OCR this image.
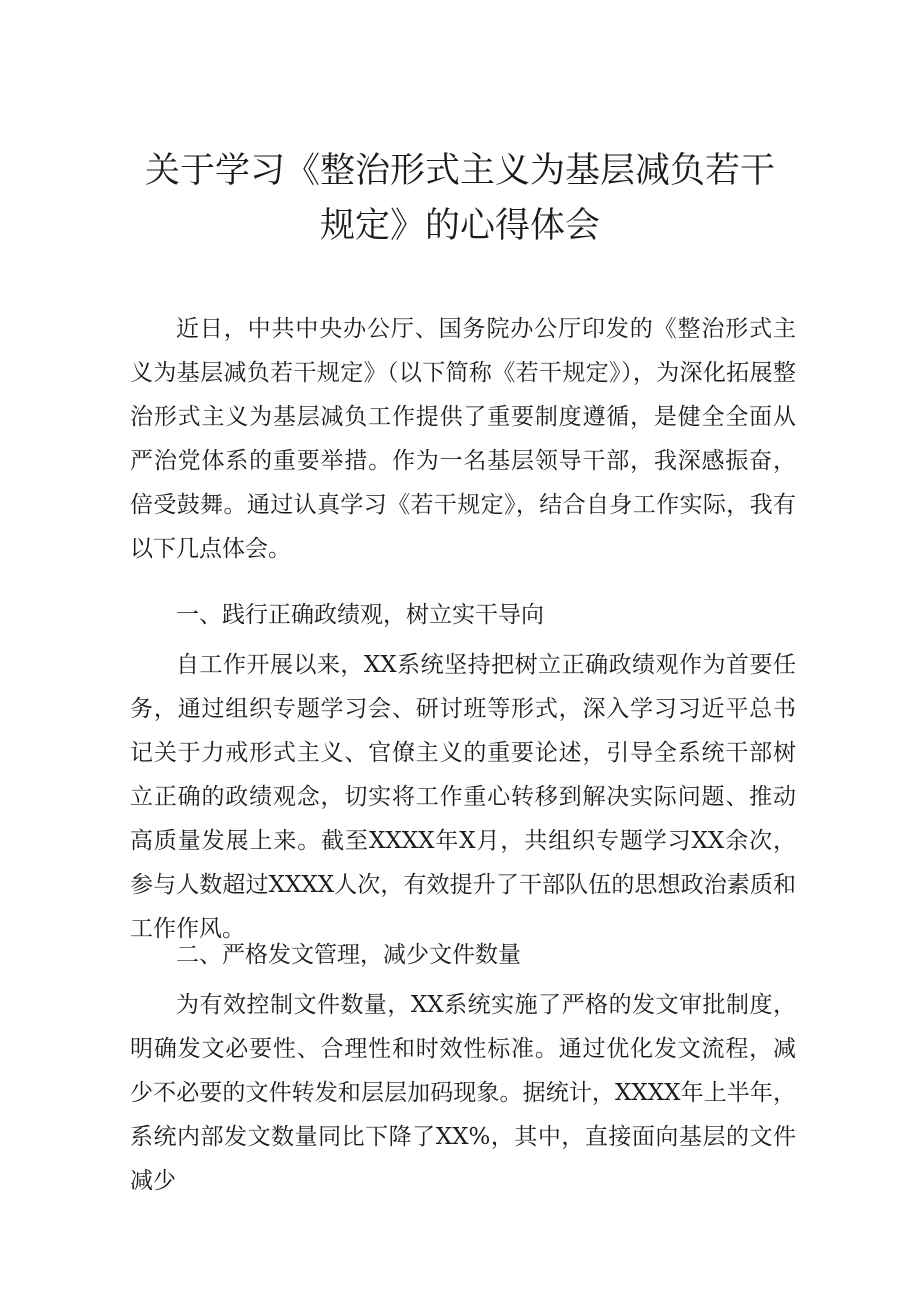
关于学习《整治形式主义为基层减负若干
规定》的心得体会

近日，中共中央办公厅、国务院办公厅印发的《整治形式主义为基层减负若干规定》（以下简称《若干规定》），为深化拓展整治形式主义为基层减负工作提供了重要制度遵循，是健全全面从严治党体系的重要举措。作为一名基层领导干部，我深感振奋，倍受鼓舞。通过认真学习《若干规定》，结合自身工作实际，我有以下几点体会。

一、践行正确政绩观，树立实干导向

自工作开展以来，XX系统坚持把树立正确政绩观作为首要任务，通过组织专题学习会、研讨班等形式，深入学习习近平总书记关于力戒形式主义、官僚主义的重要论述，引导全系统干部树立正确的政绩观念，切实将工作重心转移到解决实际问题、推动高质量发展上来。截至XXXX年X月，共组织专题学习XX余次，参与人数超过XXXX人次，有效提升了干部队伍的思想政治素质和工作作风。

二、严格发文管理，减少文件数量

为有效控制文件数量，XX系统实施了严格的发文审批制度，明确发文必要性、合理性和时效性标准。通过优化发文流程，减少不必要的文件转发和层层加码现象。据统计，XXXX年上半年，系统内部发文数量同比下降了XX%，其中，直接面向基层的文件减少
